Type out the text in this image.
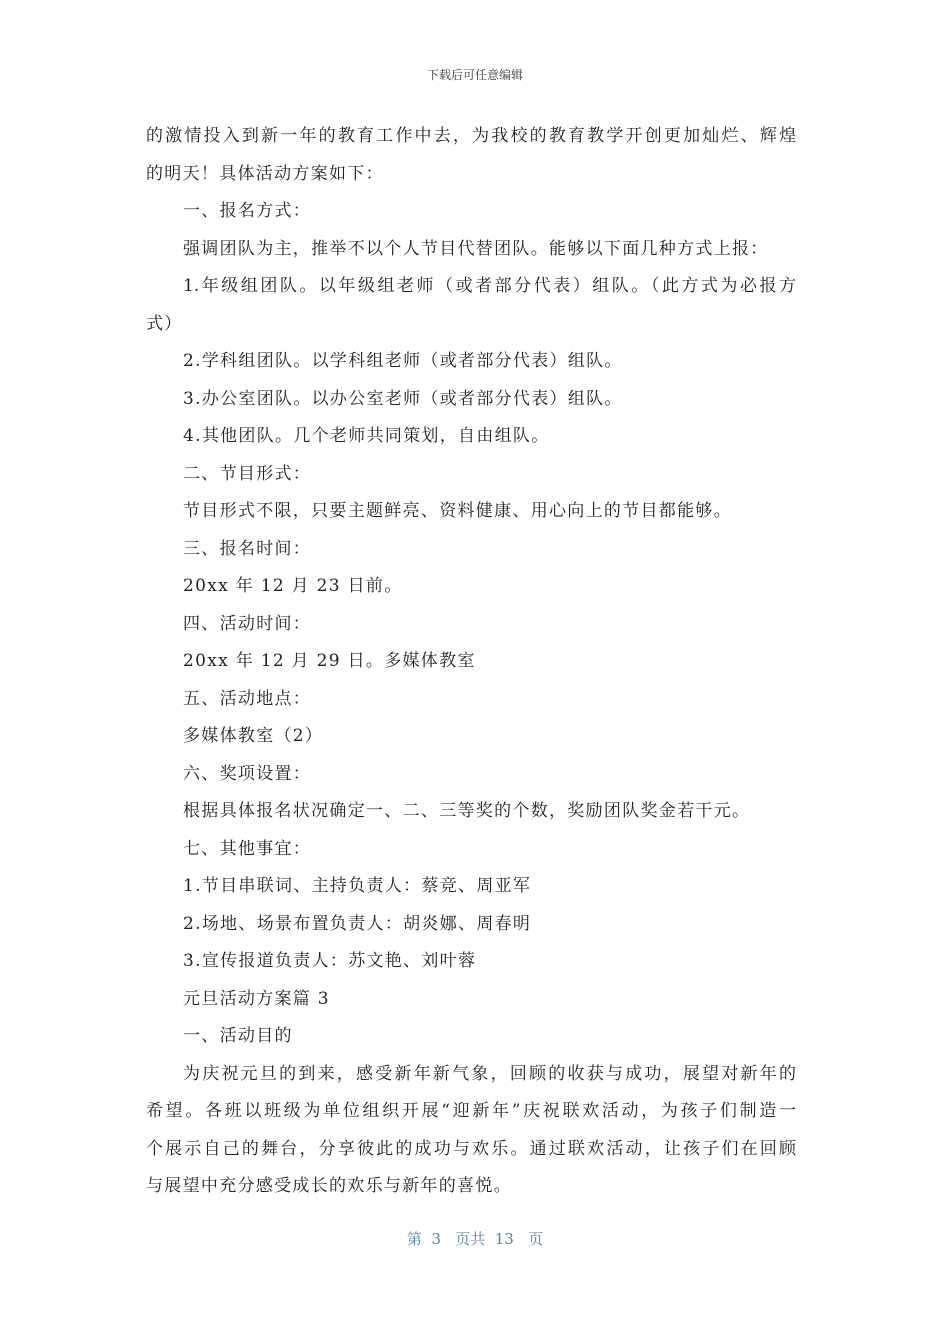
下载后可任意编辑
的激情投入到新一年的教育工作中去，为我校的教育教学开创更加灿烂、辉煌
的明天！具体活动方案如下：
一、报名方式：
强调团队为主，推举不以个人节目代替团队。能够以下面几种方式上报：
1.年级组团队。以年级组老师（或者部分代表）组队。（此方式为必报方
式）
2.学科组团队。以学科组老师（或者部分代表）组队。
3.办公室团队。以办公室老师（或者部分代表）组队。
4.其他团队。几个老师共同策划，自由组队。
二、节目形式：
节目形式不限，只要主题鲜亮、资料健康、用心向上的节目都能够。
三、报名时间：
20xx 年 12 月 23 日前。
四、活动时间：
20xx 年 12 月 29 日。多媒体教室
五、活动地点：
多媒体教室（2）
六、奖项设置：
根据具体报名状况确定一、二、三等奖的个数，奖励团队奖金若干元。
七、其他事宜：
1.节目串联词、主持负责人：蔡竞、周亚军
2.场地、场景布置负责人：胡炎娜、周春明
3.宣传报道负责人：苏文艳、刘叶蓉
元旦活动方案篇 3
一、活动目的
为庆祝元旦的到来，感受新年新气象，回顾的收获与成功，展望对新年的
希望。各班以班级为单位组织开展“迎新年”庆祝联欢活动，为孩子们制造一
个展示自己的舞台，分享彼此的成功与欢乐。通过联欢活动，让孩子们在回顾
与展望中充分感受成长的欢乐与新年的喜悦。
第  3   页共  13   页
